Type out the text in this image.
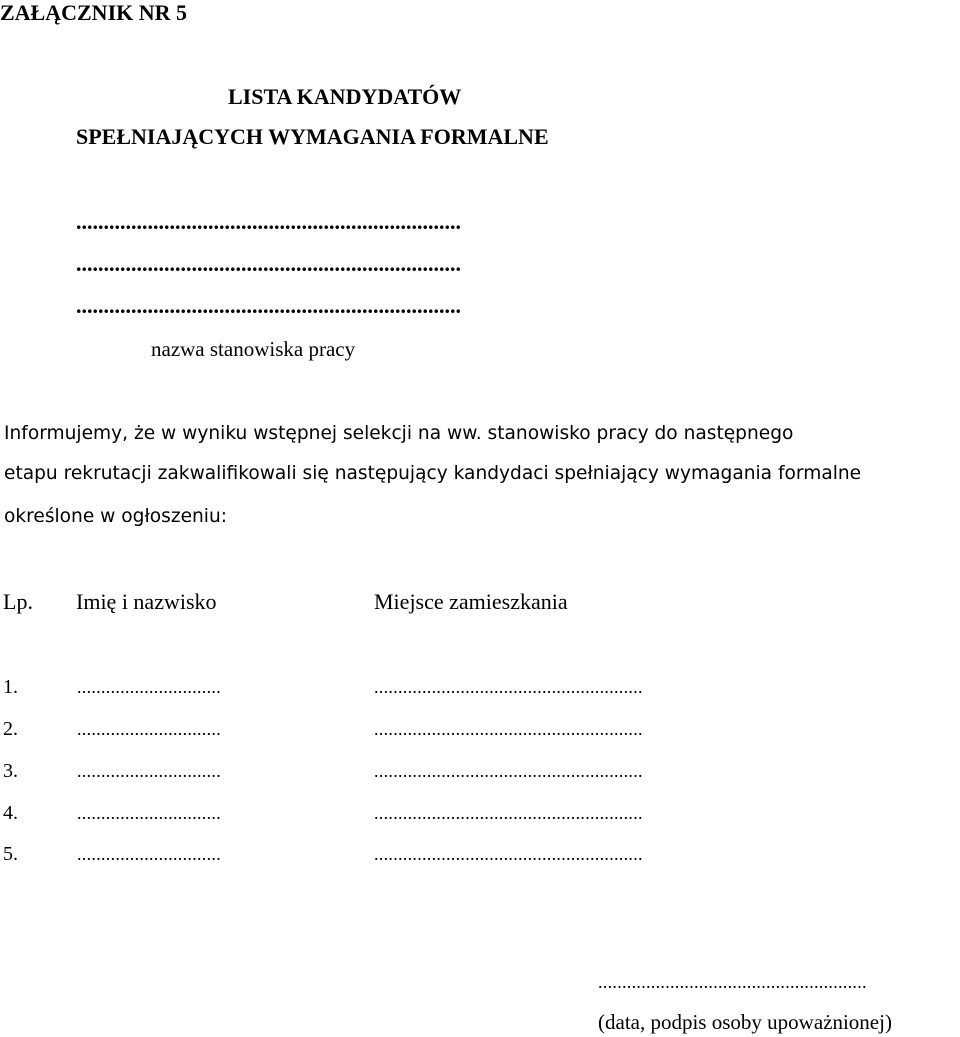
ZAŁĄCZNIK NR 5
LISTA KANDYDATÓW
SPEŁNIAJĄCYCH WYMAGANIA FORMALNE
......................................................................
......................................................................
......................................................................
nazwa stanowiska pracy
Informujemy, że w wyniku wstępnej selekcji na ww. stanowisko pracy do następnego
etapu rekrutacji zakwalifikowali się następujący kandydaci spełniający wymagania formalne
określone w ogłoszeniu:
Lp. Imię i nazwisko	Miejsce zamieszkania
1.	..............................	........................................................
2.	..............................	........................................................
3.	..............................	........................................................
4.	..............................	........................................................
5.	..............................	........................................................
........................................................
(data, podpis osoby upoważnionej)
